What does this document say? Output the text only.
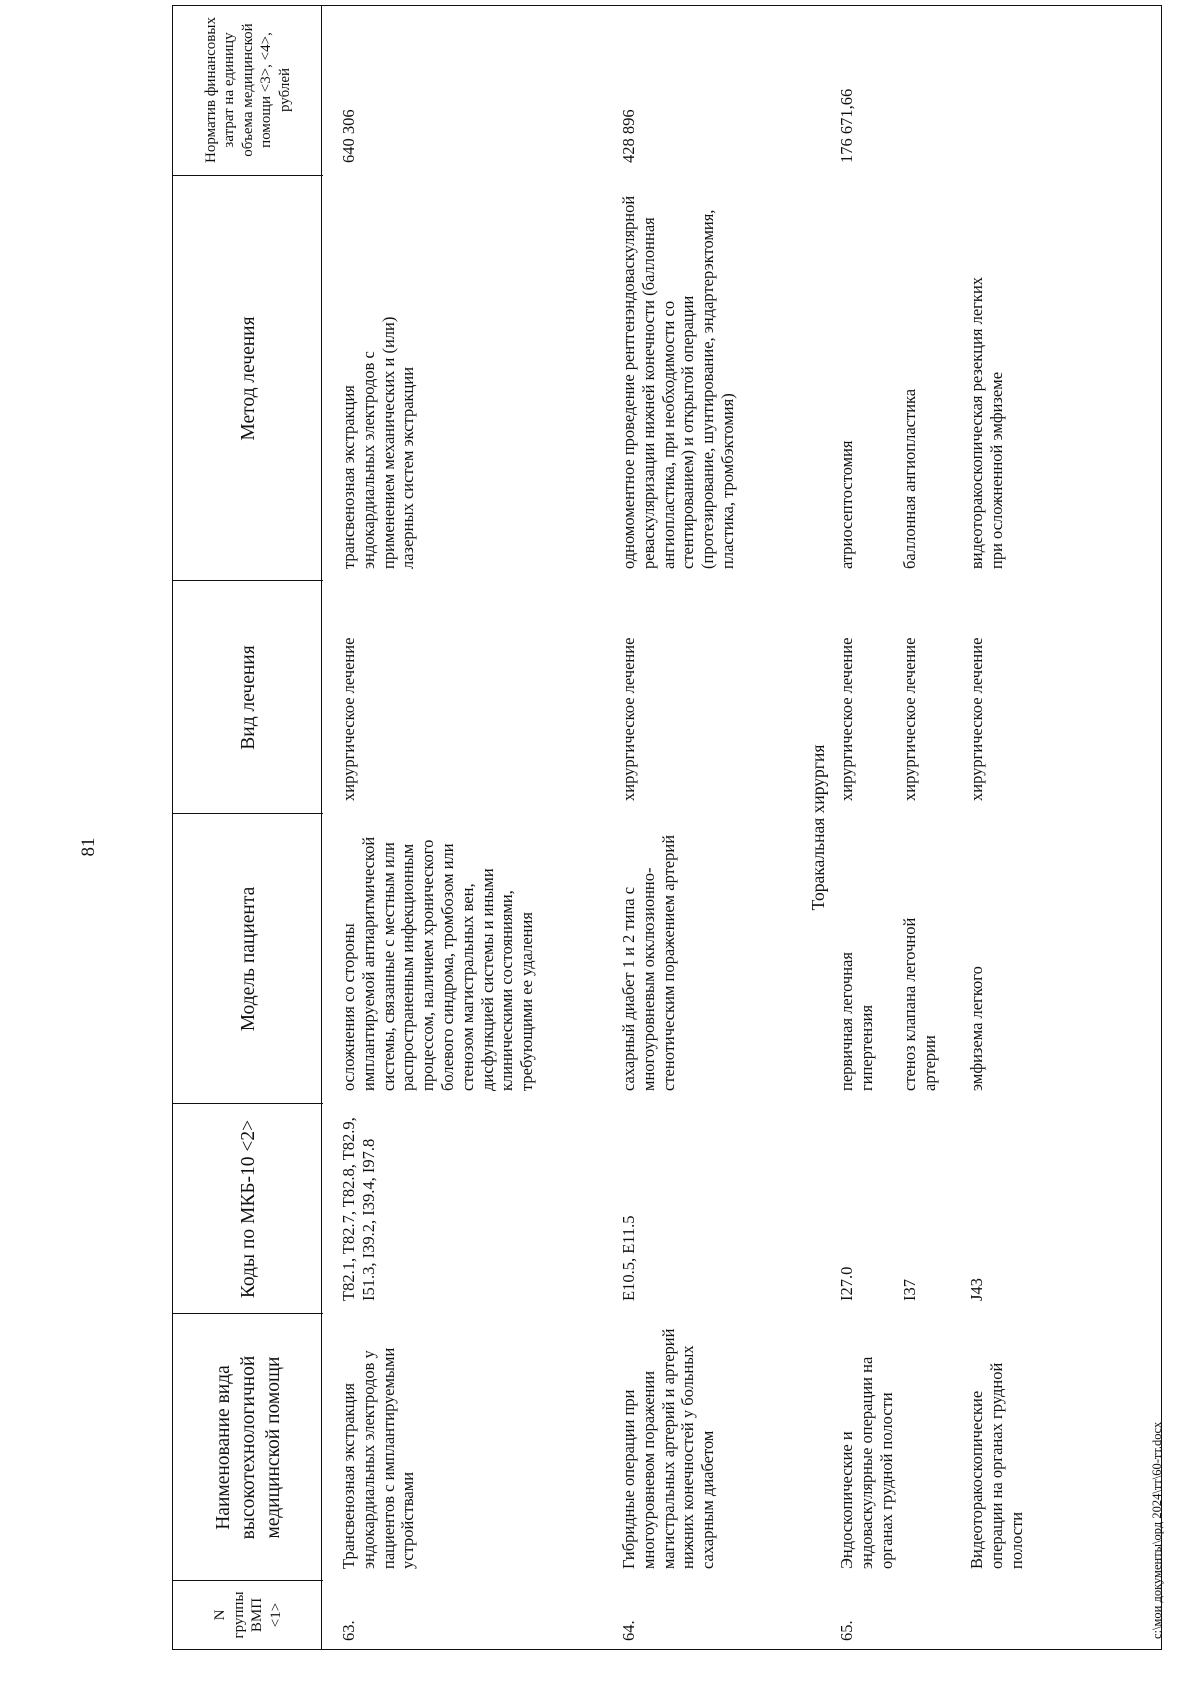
81
N группы ВМП <1>
Наименование вида высокотехнологичной медицинской помощи
Коды по МКБ-10 <2>
Модель пациента
Вид лечения
Метод лечения
Норматив финансовых затрат на единицу объема медицинской помощи <3>, <4>, рублей
63.
Трансвенозная экстракция эндокардиальных электродов у пациентов с имплантируемыми устройствами
T82.1, T82.7, T82.8, T82.9, I51.3, I39.2, I39.4, I97.8
осложнения со стороны имплантируемой антиаритмической системы, связанные с местным или распространенным инфекционным процессом, наличием хронического болевого синдрома, тромбозом или стенозом магистральных вен, дисфункцией системы и иными клиническими состояниями, требующими ее удаления
хирургическое лечение
трансвенозная экстракция эндокардиальных электродов с применением механических и (или) лазерных систем экстракции
640 306
64.
Гибридные операции при многоуровневом поражении магистральных артерий и артерий нижних конечностей у больных сахарным диабетом
E10.5, E11.5
сахарный диабет 1 и 2 типа с многоуровневым окклюзионно-стенотическим поражением артерий
хирургическое лечение
одномоментное проведение рентгенэндоваскулярной реваскуляризации нижней конечности (баллонная ангиопластика, при необходимости со стентированием) и открытой операции (протезирование, шунтирование, эндартерэктомия, пластика, тромбэктомия)
428 896
Торакальная хирургия
65.
Эндоскопические и эндоваскулярные операции на органах грудной полости
I27.0
первичная легочная гипертензия
хирургическое лечение
атриосептостомия
176 671,66
I37
стеноз клапана легочной артерии
хирургическое лечение
баллонная ангиопластика
Видеоторакоскопические операции на органах грудной полости
J43
эмфизема легкого
хирургическое лечение
видеоторакоскопическая резекция легких при осложненной эмфиземе
c:\мои документы\орд 2024\тт\60-тт.docx
